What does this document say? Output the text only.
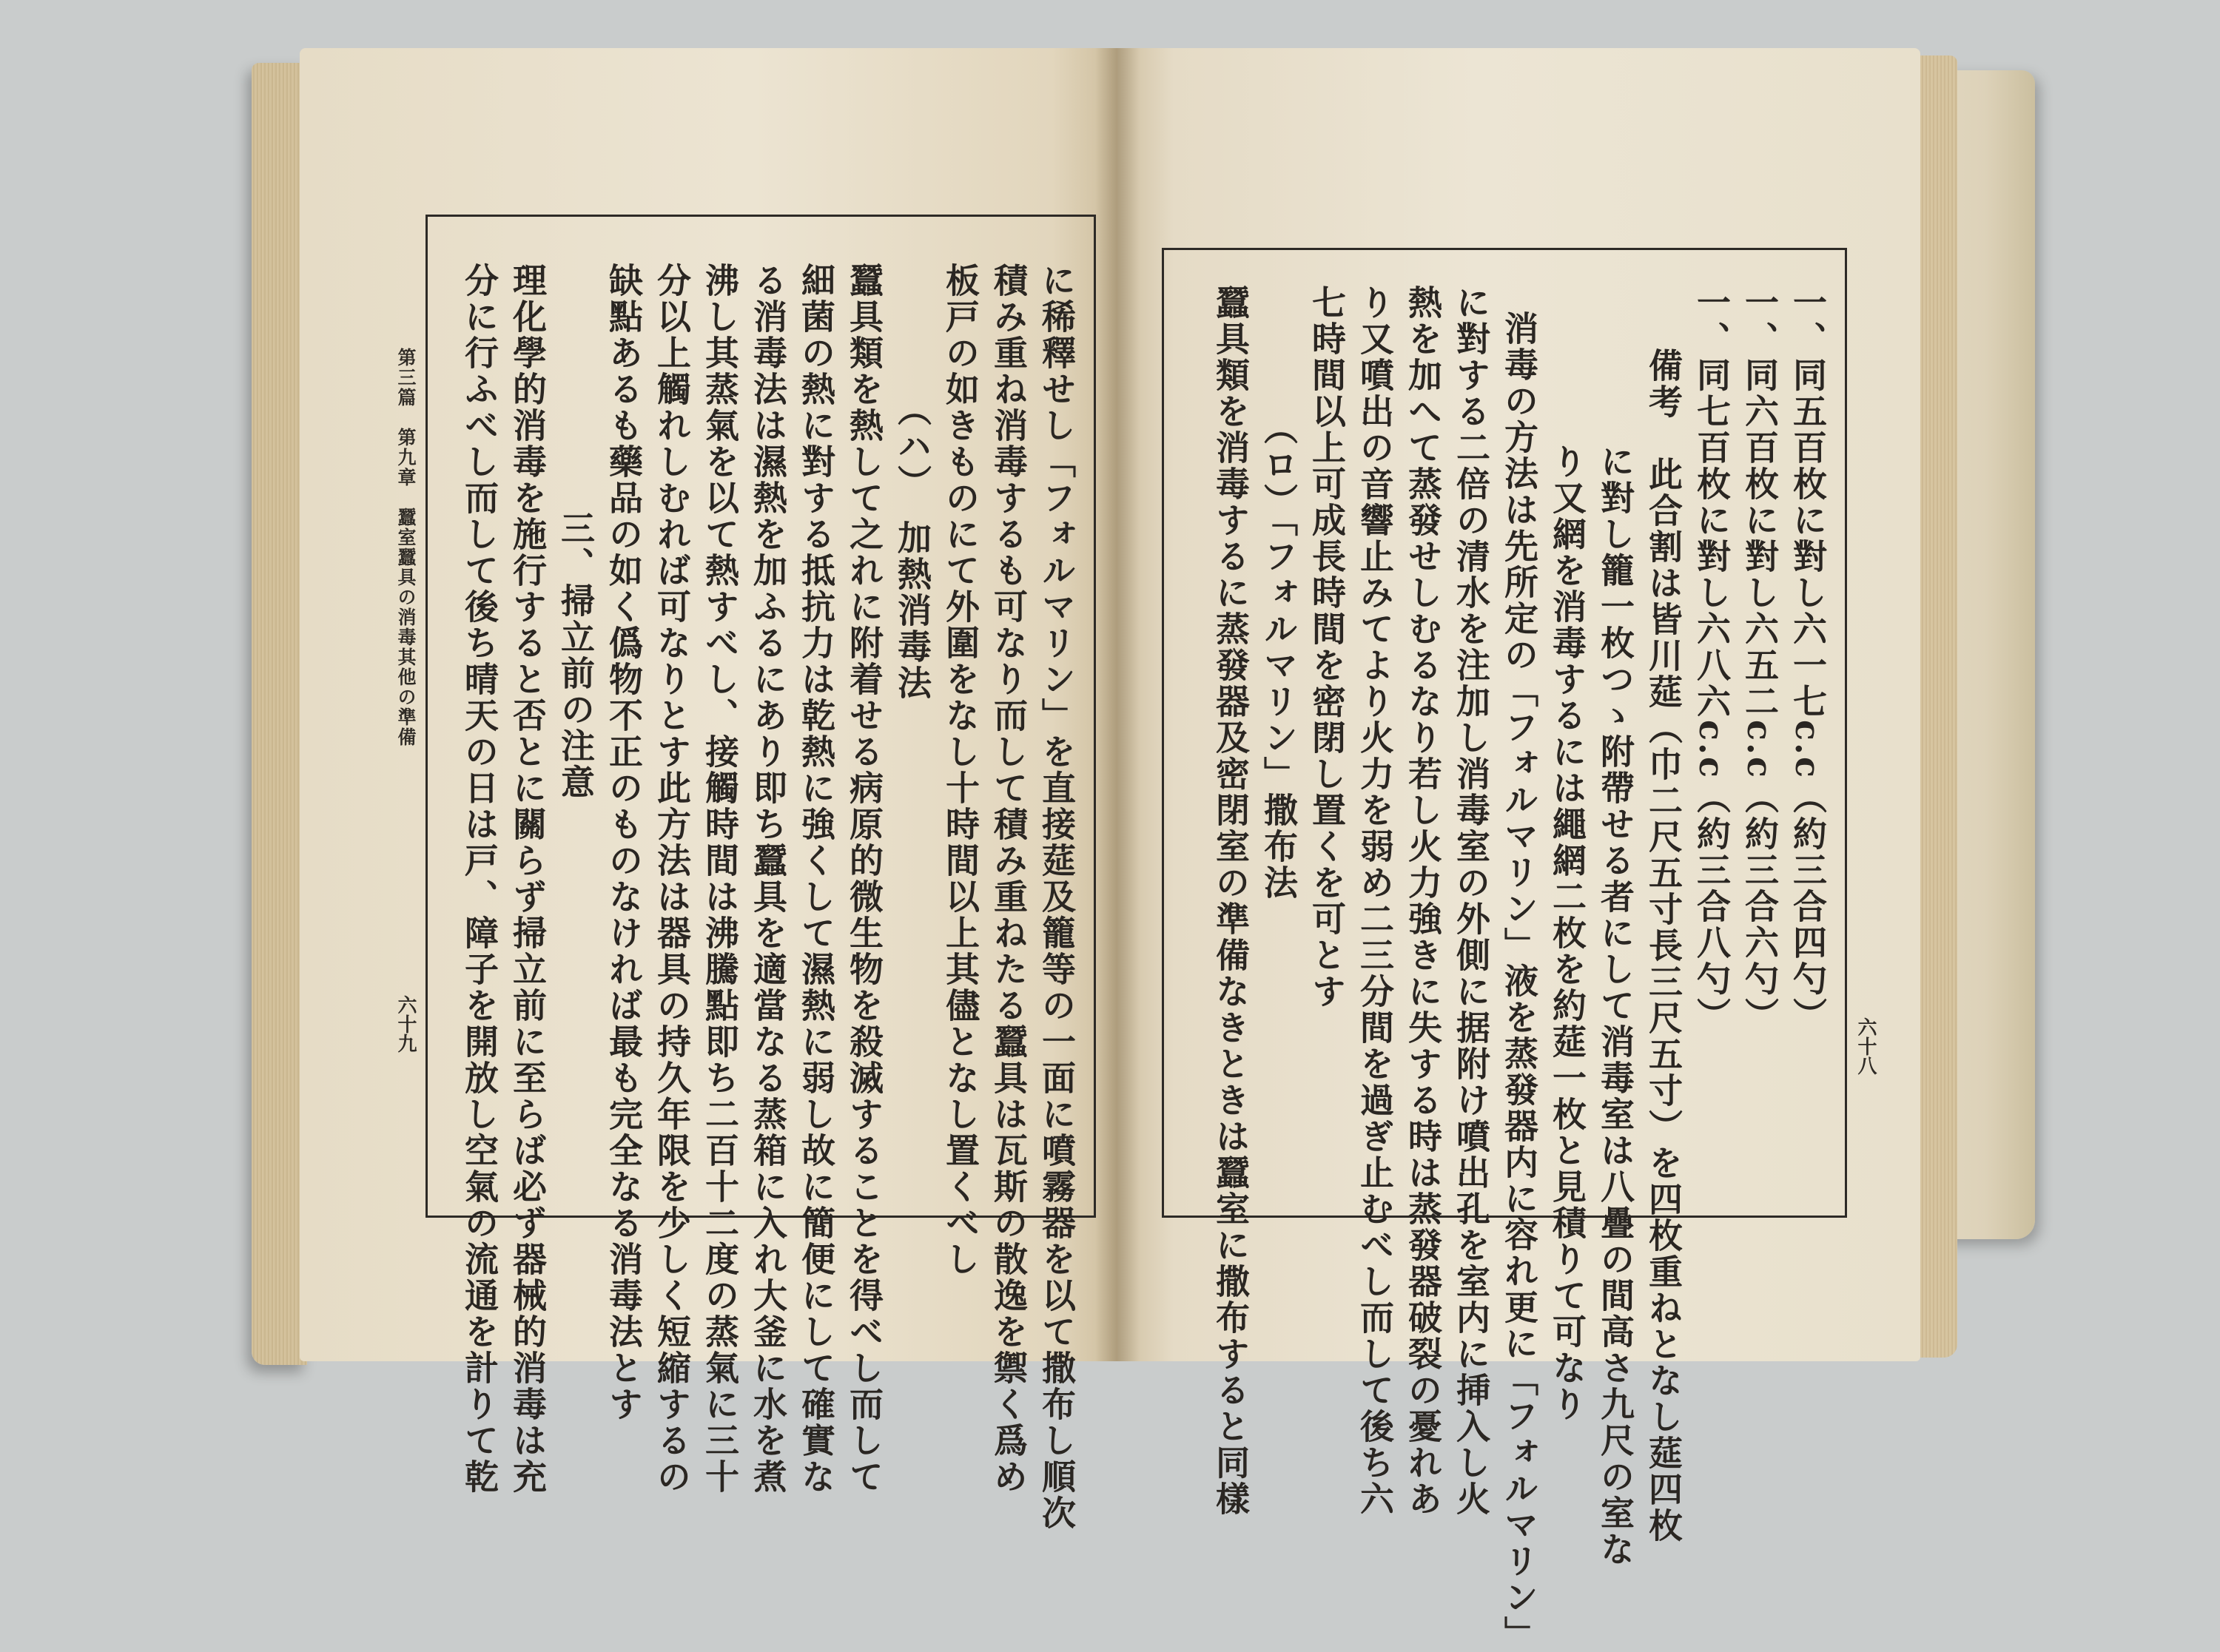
第三篇　第九章　蠶室蠶具の消毒其他の準備
六十九	に稀釋せし「フォルマリン」を直接莚及籠等の一面に噴霧器を以て撒布し順次
積み重ね消毒するも可なり而して積み重ねたる蠶具は瓦斯の散逸を禦く爲め
板戸の如きものにて外圍をなし十時間以上其儘となし置くべし
（ハ）　加熱消毒法
蠶具類を熱して之れに附着せる病原的微生物を殺滅することを得べし而して
細菌の熱に對する抵抗力は乾熱に強くして濕熱に弱し故に簡便にして確實な
る消毒法は濕熱を加ふるにあり即ち蠶具を適當なる蒸箱に入れ大釜に水を煮
沸し其蒸氣を以て熱すべし、接觸時間は沸騰點即ち二百十二度の蒸氣に三十
分以上觸れしむれば可なりとす此方法は器具の持久年限を少しく短縮するの
缺點あるも藥品の如く僞物不正のものなければ最も完全なる消毒法とす
三、掃立前の注意
理化學的消毒を施行すると否とに關らず掃立前に至らば必ず器械的消毒は充
分に行ふべし而して後ち晴天の日は戸、障子を開放し空氣の流通を計りて乾	六十八
一、同五百枚に對し六一七c.c（約三合四勺）
一、同六百枚に對し六五二c.c（約三合六勺）
一、同七百枚に對し六八六c.c（約三合八勺）
備考　此合割は皆川莚（巾二尺五寸長三尺五寸）を四枚重ねとなし莚四枚
に對し籠一枚つゝ附帶せる者にして消毒室は八疊の間高さ九尺の室な
り又網を消毒するには繩網二枚を約莚一枚と見積りて可なり
消毒の方法は先所定の「フォルマリン」液を蒸發器内に容れ更に「フォルマリン」
に對する二倍の清水を注加し消毒室の外側に据附け噴出孔を室内に挿入し火
熱を加へて蒸發せしむるなり若し火力強きに失する時は蒸發器破裂の憂れあ
り又噴出の音響止みてより火力を弱め二三分間を過ぎ止むべし而して後ち六
七時間以上可成長時間を密閉し置くを可とす
（ロ）「フォルマリン」撒布法
蠶具類を消毒するに蒸發器及密閉室の準備なきときは蠶室に撒布すると同樣
